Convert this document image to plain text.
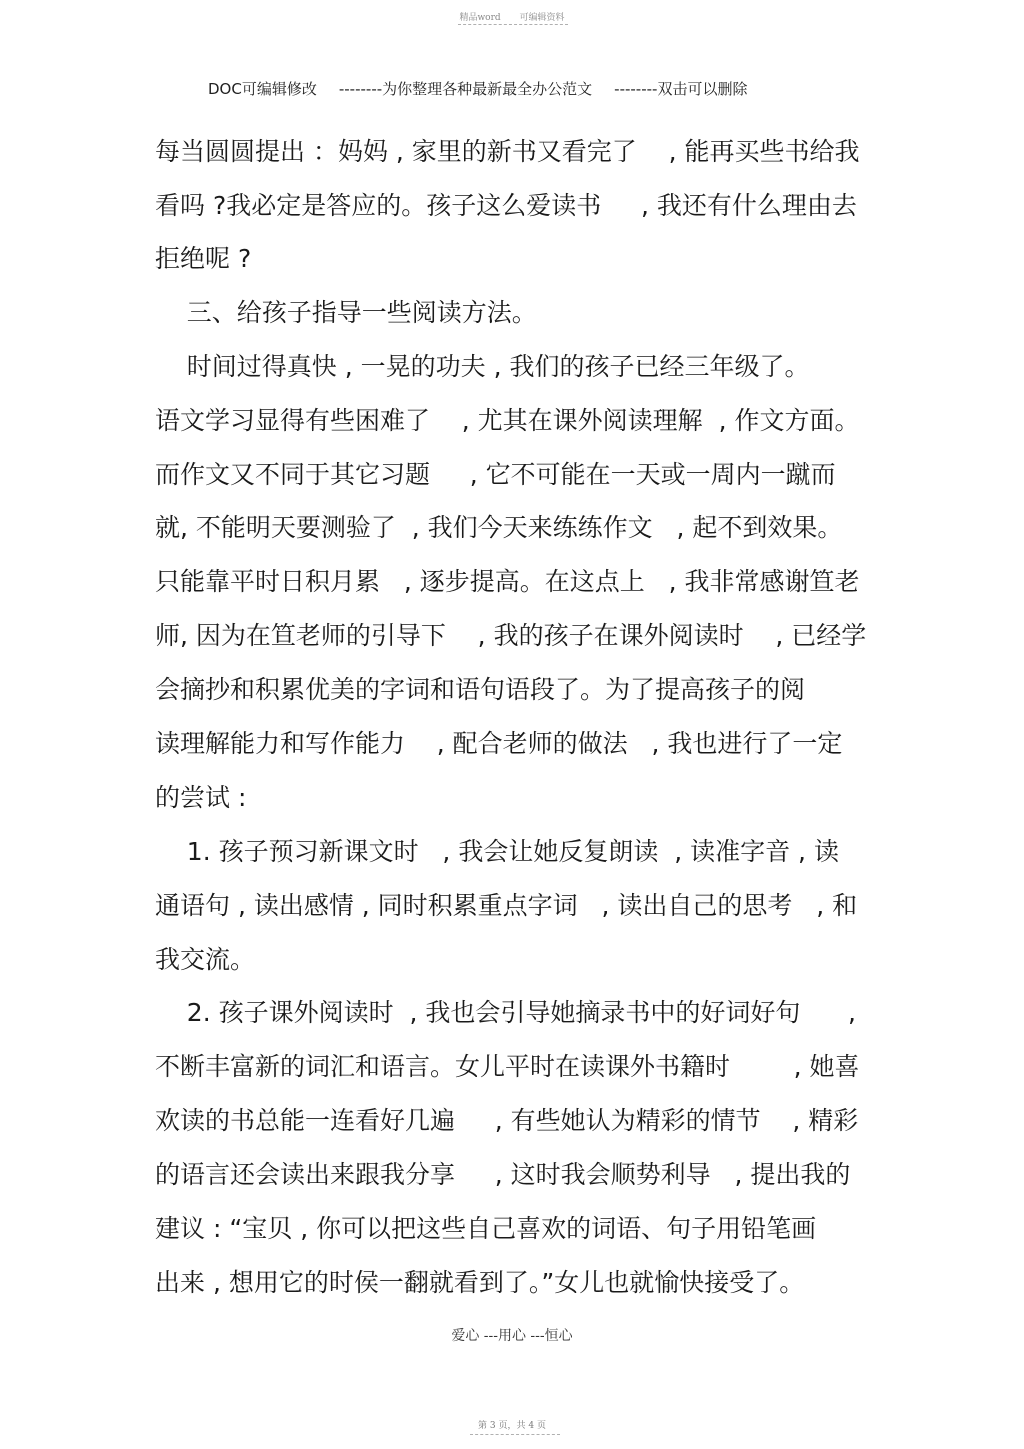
精品word 可编辑资料
DOC可编辑修改 --------为你整理各种最新最全办公范文 --------双击可以删除
每当圆圆提出 ：妈妈 , 家里的新书又看完了    , 能再买些书给我
看吗 ?我必定是答应的。孩子这么爱读书     , 我还有什么理由去
拒绝呢 ?
三、给孩子指导一些阅读方法。
时间过得真快 , 一晃的功夫 , 我们的孩子已经三年级了。
语文学习显得有些困难了    , 尤其在课外阅读理解  , 作文方面。
而作文又不同于其它习题     , 它不可能在一天或一周内一蹴而
就, 不能明天要测验了  , 我们今天来练练作文   , 起不到效果。
只能靠平时日积月累   , 逐步提高。在这点上   , 我非常感谢笪老
师, 因为在笪老师的引导下    , 我的孩子在课外阅读时    , 已经学
会摘抄和积累优美的字词和语句语段了。为了提高孩子的阅
读理解能力和写作能力    , 配合老师的做法   , 我也进行了一定
的尝试 :
1. 孩子预习新课文时   , 我会让她反复朗读  , 读准字音 , 读
通语句 , 读出感情 , 同时积累重点字词   , 读出自己的思考   , 和
我交流。
2. 孩子课外阅读时  , 我也会引导她摘录书中的好词好句      ,
不断丰富新的词汇和语言。女儿平时在读课外书籍时        , 她喜
欢读的书总能一连看好几遍     , 有些她认为精彩的情节    , 精彩
的语言还会读出来跟我分享     , 这时我会顺势利导   , 提出我的
建议 : “宝贝 , 你可以把这些自己喜欢的词语、句子用铅笔画
出来 , 想用它的时侯一翻就看到了。”女儿也就愉快接受了。
爱心 ---用心 ---恒心
第 3 页，共 4 页
